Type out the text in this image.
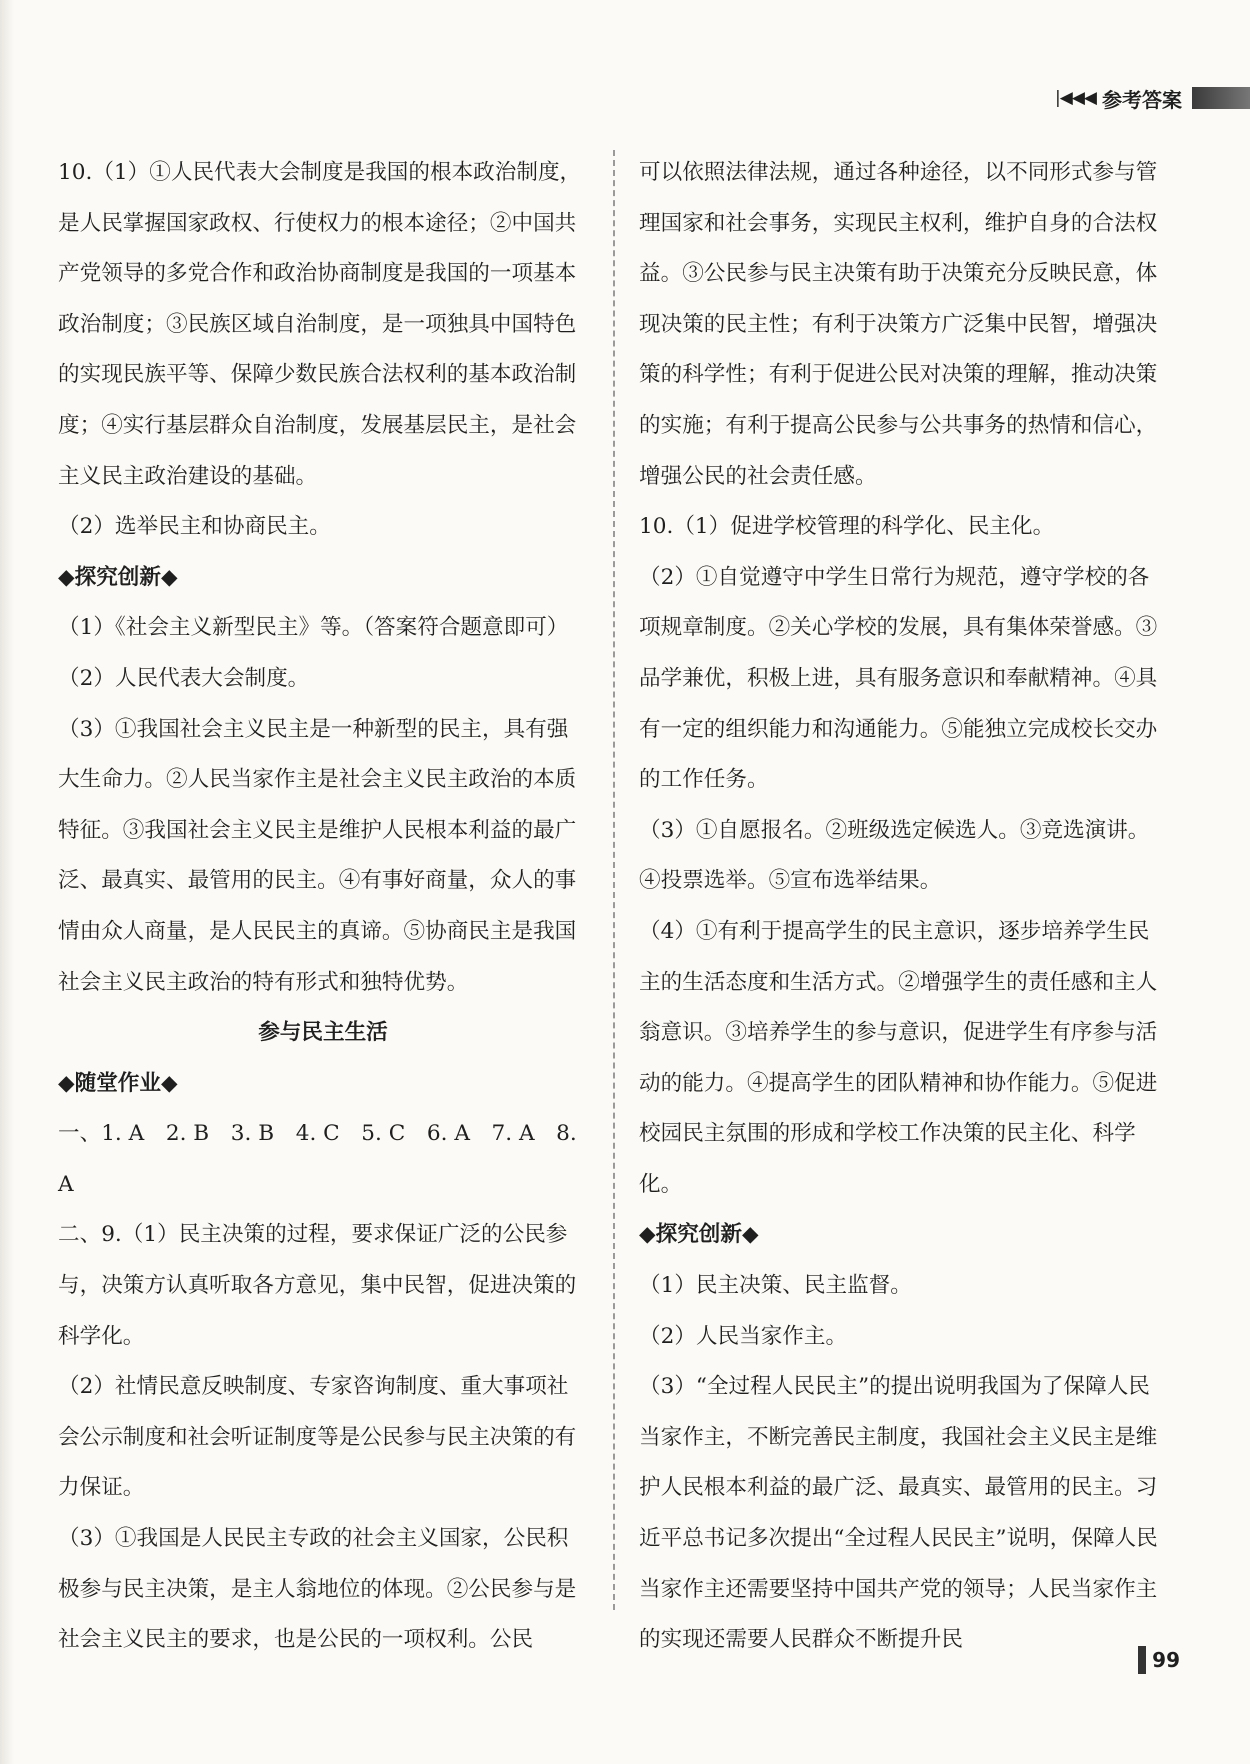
|◀◀◀ 参考答案

10.（1）①人民代表大会制度是我国的根本政治制度，是人民掌握国家政权、行使权力的根本途径；②中国共产党领导的多党合作和政治协商制度是我国的一项基本政治制度；③民族区域自治制度，是一项独具中国特色的实现民族平等、保障少数民族合法权利的基本政治制度；④实行基层群众自治制度，发展基层民主，是社会主义民主政治建设的基础。

（2）选举民主和协商民主。

◆探究创新◆

（1）《社会主义新型民主》等。（答案符合题意即可）

（2）人民代表大会制度。

（3）①我国社会主义民主是一种新型的民主，具有强大生命力。②人民当家作主是社会主义民主政治的本质特征。③我国社会主义民主是维护人民根本利益的最广泛、最真实、最管用的民主。④有事好商量，众人的事情由众人商量，是人民民主的真谛。⑤协商民主是我国社会主义民主政治的特有形式和独特优势。

参与民主生活

◆随堂作业◆

一、1. A　2. B　3. B　4. C　5. C　6. A　7. A　8. A

二、9.（1）民主决策的过程，要求保证广泛的公民参与，决策方认真听取各方意见，集中民智，促进决策的科学化。

（2）社情民意反映制度、专家咨询制度、重大事项社会公示制度和社会听证制度等是公民参与民主决策的有力保证。

（3）①我国是人民民主专政的社会主义国家，公民积极参与民主决策，是主人翁地位的体现。②公民参与是社会主义民主的要求，也是公民的一项权利。公民

可以依照法律法规，通过各种途径，以不同形式参与管理国家和社会事务，实现民主权利，维护自身的合法权益。③公民参与民主决策有助于决策充分反映民意，体现决策的民主性；有利于决策方广泛集中民智，增强决策的科学性；有利于促进公民对决策的理解，推动决策的实施；有利于提高公民参与公共事务的热情和信心，增强公民的社会责任感。

10.（1）促进学校管理的科学化、民主化。

（2）①自觉遵守中学生日常行为规范，遵守学校的各项规章制度。②关心学校的发展，具有集体荣誉感。③品学兼优，积极上进，具有服务意识和奉献精神。④具有一定的组织能力和沟通能力。⑤能独立完成校长交办的工作任务。

（3）①自愿报名。②班级选定候选人。③竞选演讲。④投票选举。⑤宣布选举结果。

（4）①有利于提高学生的民主意识，逐步培养学生民主的生活态度和生活方式。②增强学生的责任感和主人翁意识。③培养学生的参与意识，促进学生有序参与活动的能力。④提高学生的团队精神和协作能力。⑤促进校园民主氛围的形成和学校工作决策的民主化、科学化。

◆探究创新◆

（1）民主决策、民主监督。

（2）人民当家作主。

（3）“全过程人民民主”的提出说明我国为了保障人民当家作主，不断完善民主制度，我国社会主义民主是维护人民根本利益的最广泛、最真实、最管用的民主。习近平总书记多次提出“全过程人民民主”说明，保障人民当家作主还需要坚持中国共产党的领导；人民当家作主的实现还需要人民群众不断提升民

99
